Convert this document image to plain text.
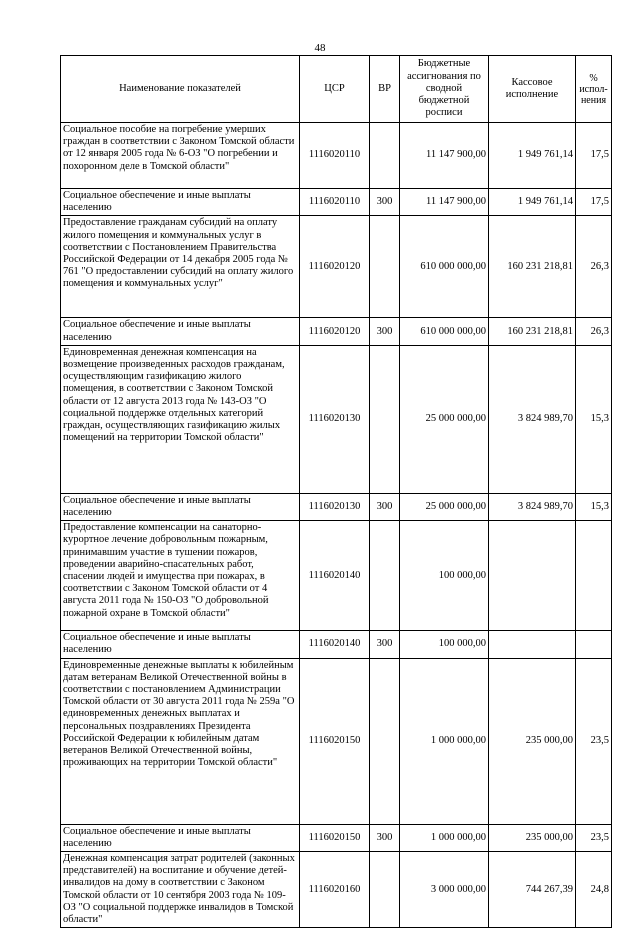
48
Наименование показателей	ЦСР	ВР	Бюджетные ассигнования по сводной бюджетной росписи	Кассовое исполнение	% испол-нения
Социальное пособие на погребение умерших граждан в соответствии с Законом Томской области от 12 января 2005 года № 6-ОЗ "О погребении и похоронном деле в Томской области"	1116020110		11 147 900,00	1 949 761,14	17,5
Социальное обеспечение и иные выплаты населению	1116020110	300	11 147 900,00	1 949 761,14	17,5
Предоставление гражданам субсидий на оплату жилого помещения и коммунальных услуг в соответствии с Постановлением Правительства Российской Федерации от 14 декабря 2005 года № 761 "О предоставлении субсидий на оплату жилого помещения и коммунальных услуг"	1116020120		610 000 000,00	160 231 218,81	26,3
Социальное обеспечение и иные выплаты населению	1116020120	300	610 000 000,00	160 231 218,81	26,3
Единовременная денежная компенсация на возмещение произведенных расходов гражданам, осуществляющим газификацию жилого помещения, в соответствии с Законом Томской области от 12 августа 2013 года № 143-ОЗ "О социальной поддержке отдельных категорий граждан, осуществляющих газификацию жилых помещений на территории Томской области"	1116020130		25 000 000,00	3 824 989,70	15,3
Социальное обеспечение и иные выплаты населению	1116020130	300	25 000 000,00	3 824 989,70	15,3
Предоставление компенсации на санаторно-курортное лечение добровольным пожарным, принимавшим участие в тушении пожаров, проведении аварийно-спасательных работ, спасении людей и имущества при пожарах, в соответствии с Законом Томской области от 4 августа 2011 года № 150-ОЗ "О добровольной пожарной охране в Томской области"	1116020140		100 000,00		
Социальное обеспечение и иные выплаты населению	1116020140	300	100 000,00		
Единовременные денежные выплаты к юбилейным датам ветеранам Великой Отечественной войны в соответствии с постановлением Администрации Томской области от 30 августа 2011 года № 259а "О единовременных денежных выплатах и персональных поздравлениях Президента Российской Федерации к юбилейным датам ветеранов Великой Отечественной войны, проживающих на территории Томской области"	1116020150		1 000 000,00	235 000,00	23,5
Социальное обеспечение и иные выплаты населению	1116020150	300	1 000 000,00	235 000,00	23,5
Денежная компенсация затрат родителей (законных представителей) на воспитание и обучение детей-инвалидов на дому в соответствии с Законом Томской области от 10 сентября 2003 года № 109-ОЗ "О социальной поддержке инвалидов в Томской области"	1116020160		3 000 000,00	744 267,39	24,8
